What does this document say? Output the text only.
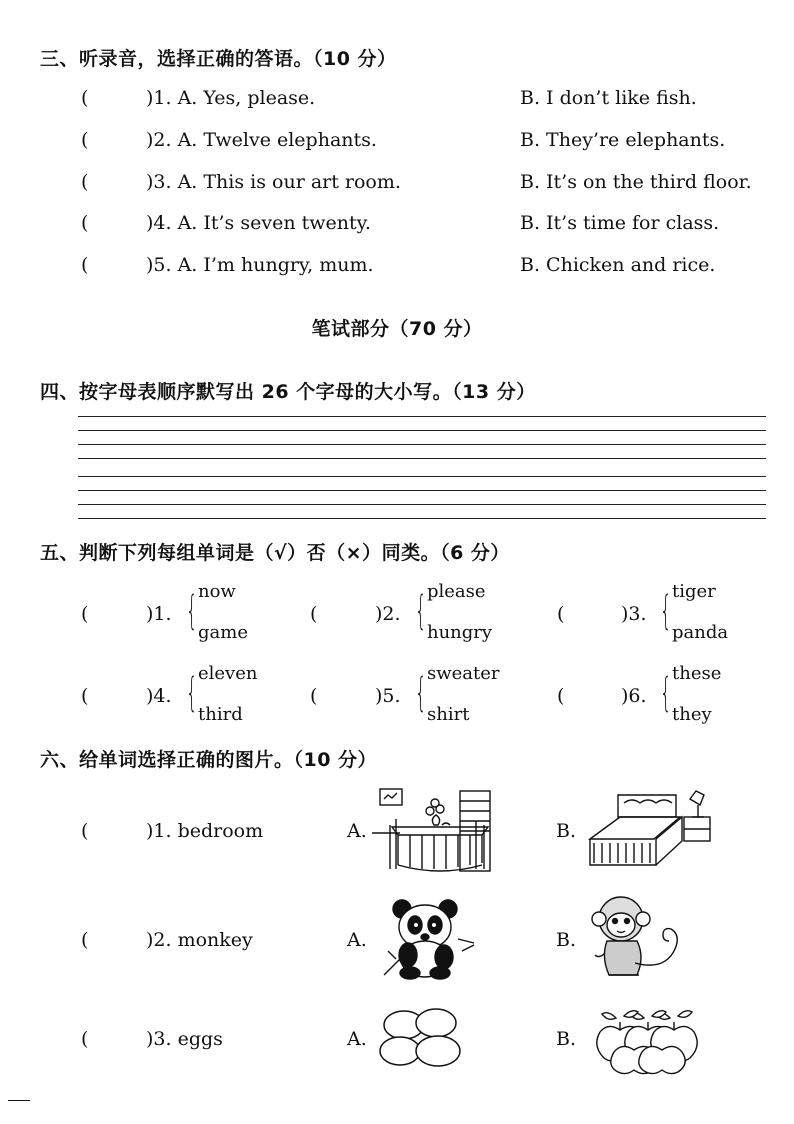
三、听录音，选择正确的答语。（10 分）
(	)1. A. Yes, please.	B. I don’t like fish.
(	)2. A. Twelve elephants.	B. They’re elephants.
(	)3. A. This is our art room.	B. It’s on the third floor.
(	)4. A. It’s seven twenty.	B. It’s time for class.
(	)5. A. I’m hungry, mum.	B. Chicken and rice.
笔试部分（70 分）
四、按字母表顺序默写出 26 个字母的大小写。（13 分）
五、判断下列每组单词是（√）否（×）同类。（6 分）
(	)1. { now
game
(	)2. { please
hungry
(	)3. { tiger
panda
(	)4. { eleven
third
(	)5. { sweater
shirt
(	)6. { these
they
六、给单词选择正确的图片。（10 分）
(	)1. bedroom	A.	B.
(	)2. monkey	A.	B.
(	)3. eggs	A.	B.
